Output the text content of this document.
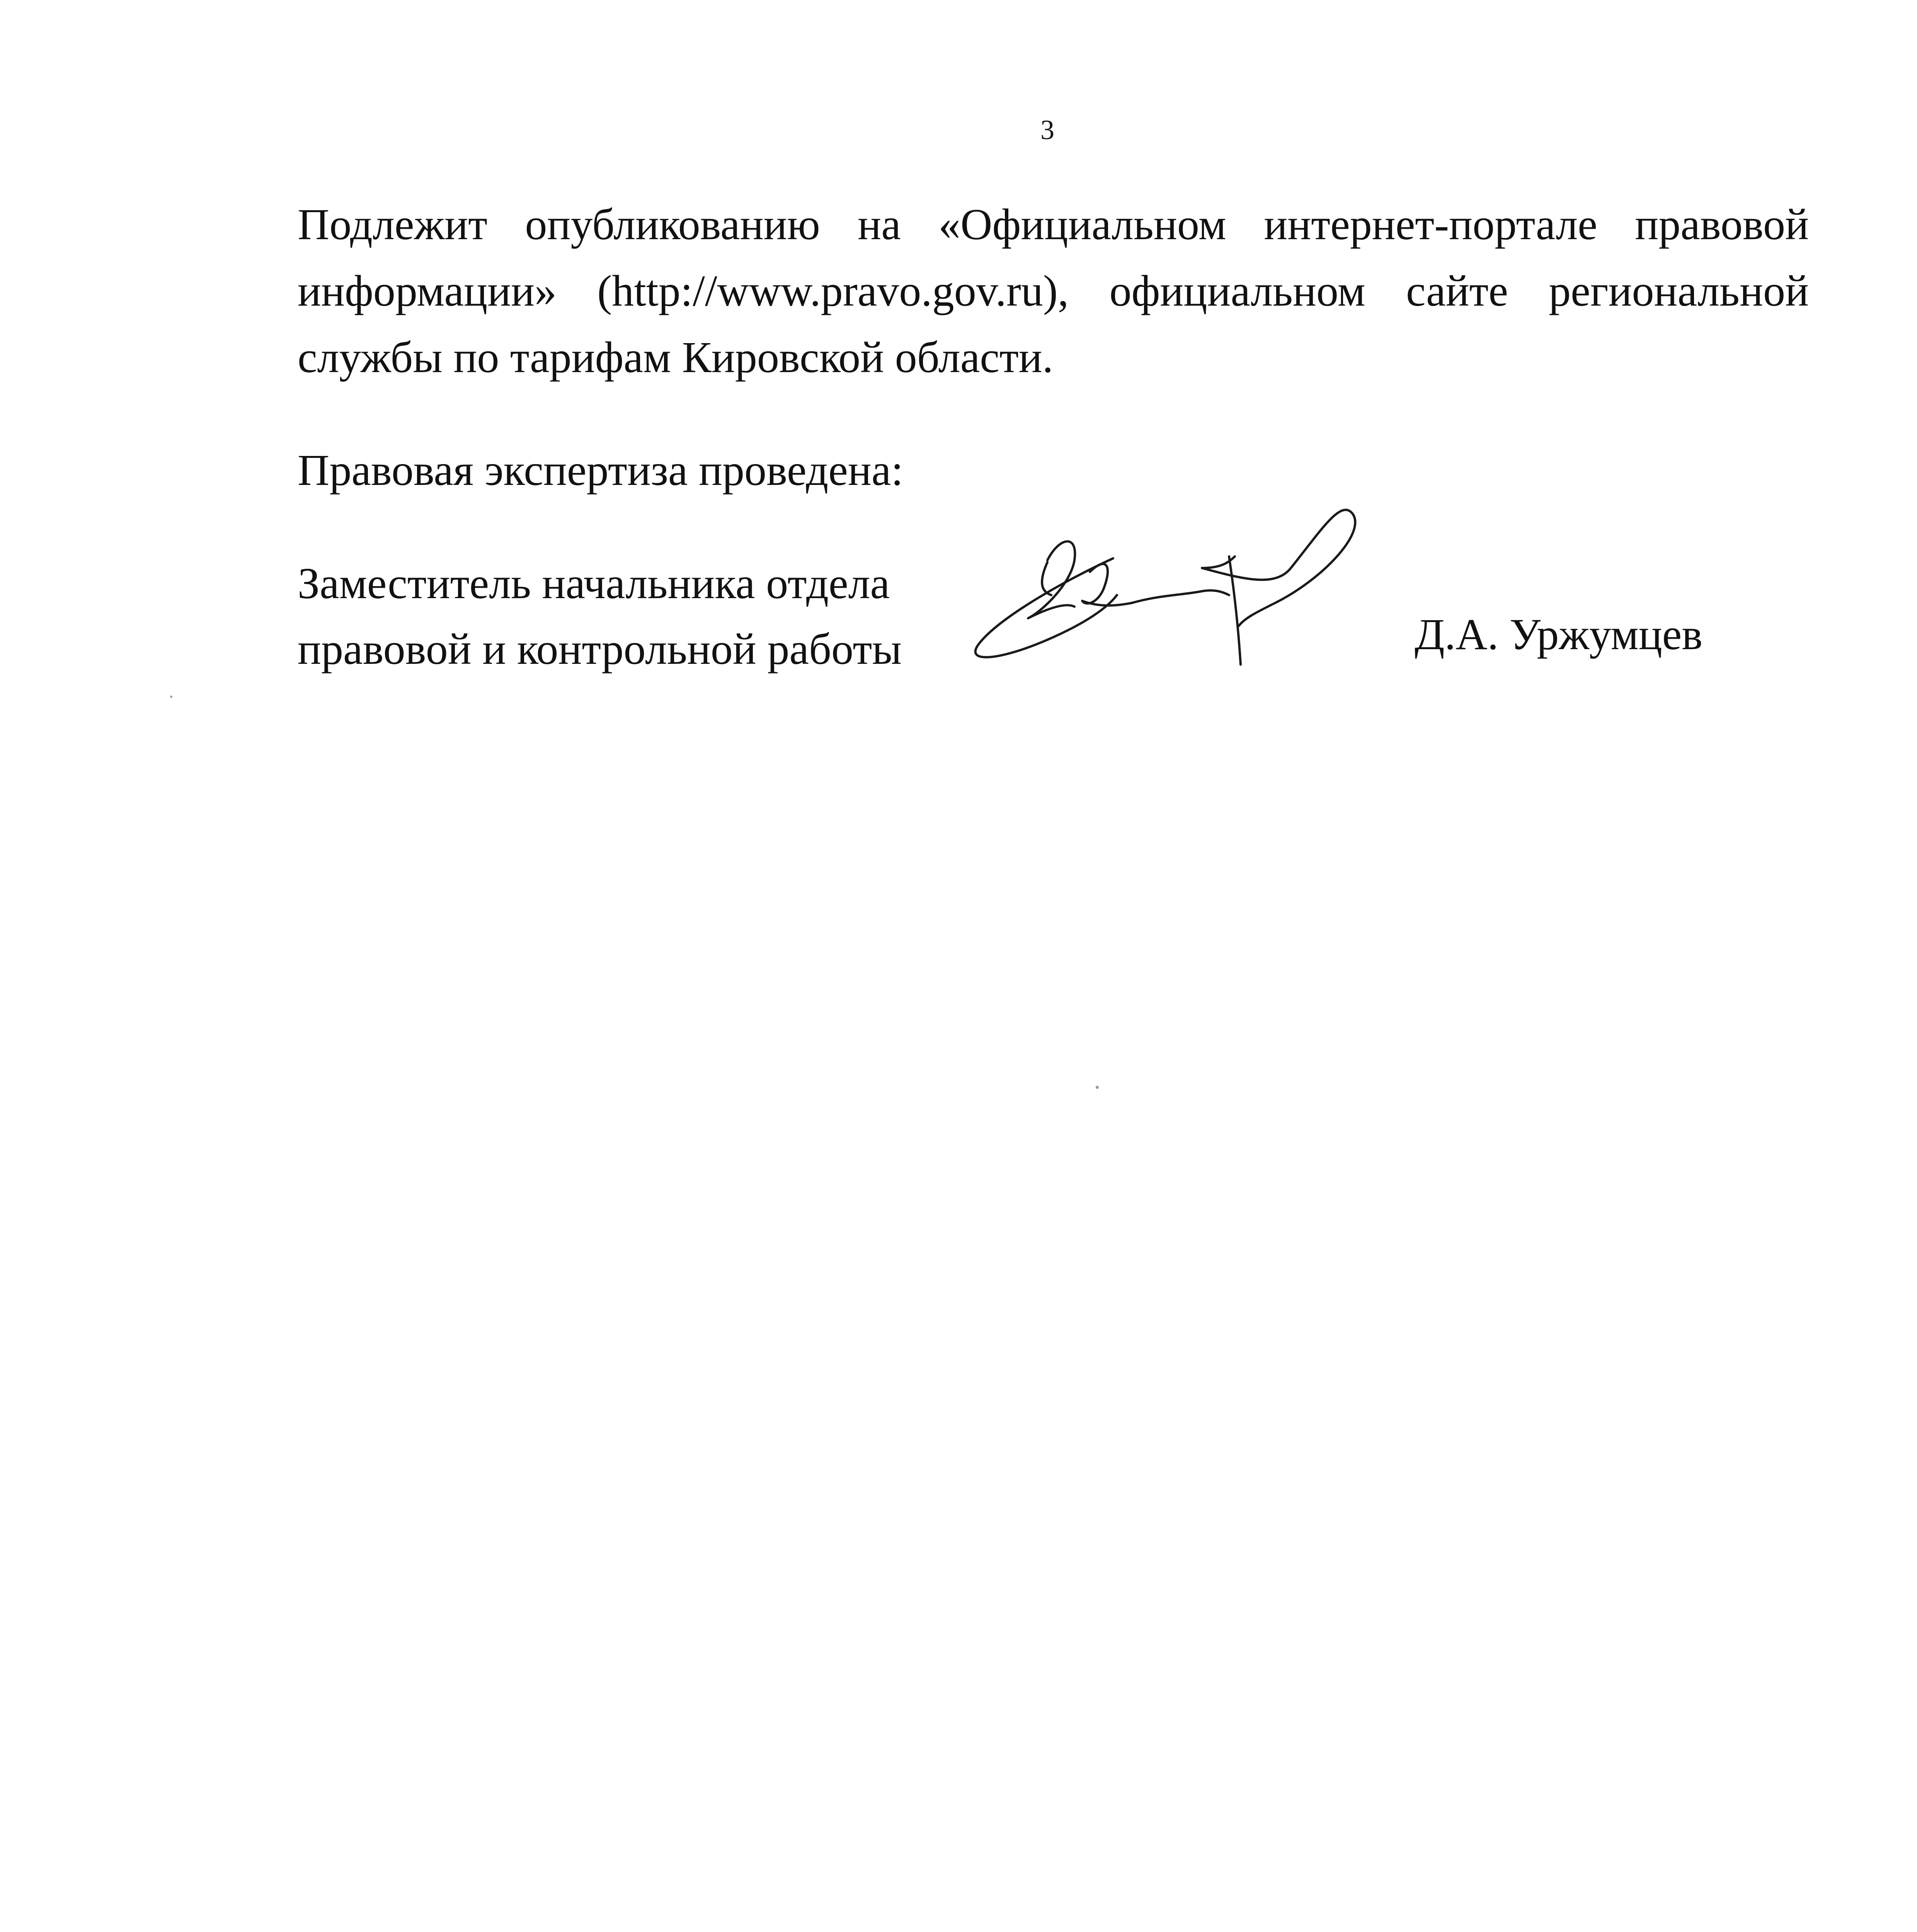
3

Подлежит опубликованию на «Официальном интернет-портале правовой информации» (http://www.pravo.gov.ru), официальном сайте региональной службы по тарифам Кировской области.

Правовая экспертиза проведена:
Заместитель начальника отдела
правовой и контрольной работы	Д.А. Уржумцев
